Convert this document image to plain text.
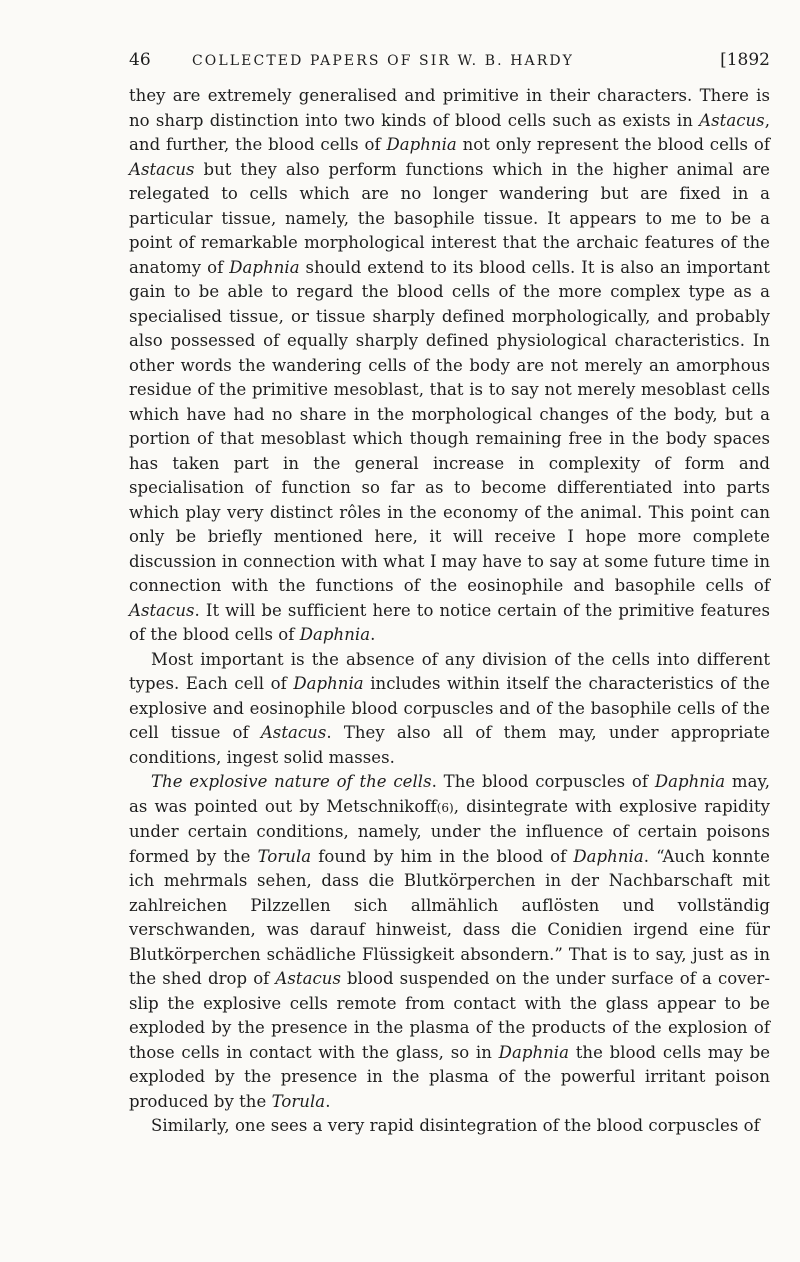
46	COLLECTED PAPERS OF SIR W. B. HARDY	[1892

they are extremely generalised and primitive in their characters. There is no sharp distinction into two kinds of blood cells such as exists in Astacus, and further, the blood cells of Daphnia not only represent the blood cells of Astacus but they also perform functions which in the higher animal are relegated to cells which are no longer wandering but are fixed in a particular tissue, namely, the basophile tissue. It appears to me to be a point of remarkable morphological interest that the archaic features of the anatomy of Daphnia should extend to its blood cells. It is also an important gain to be able to regard the blood cells of the more complex type as a specialised tissue, or tissue sharply defined morphologically, and probably also possessed of equally sharply defined physiological characteristics. In other words the wandering cells of the body are not merely an amorphous residue of the primitive mesoblast, that is to say not merely mesoblast cells which have had no share in the morphological changes of the body, but a portion of that mesoblast which though remaining free in the body spaces has taken part in the general increase in complexity of form and specialisation of function so far as to become differentiated into parts which play very distinct rôles in the economy of the animal. This point can only be briefly mentioned here, it will receive I hope more complete discussion in connection with what I may have to say at some future time in connection with the functions of the eosinophile and basophile cells of Astacus. It will be sufficient here to notice certain of the primitive features of the blood cells of Daphnia.

Most important is the absence of any division of the cells into different types. Each cell of Daphnia includes within itself the characteristics of the explosive and eosinophile blood corpuscles and of the basophile cells of the cell tissue of Astacus. They also all of them may, under appropriate conditions, ingest solid masses.

The explosive nature of the cells. The blood corpuscles of Daphnia may, as was pointed out by Metschnikoff(6), disintegrate with explosive rapidity under certain conditions, namely, under the influence of certain poisons formed by the Torula found by him in the blood of Daphnia. “Auch konnte ich mehrmals sehen, dass die Blutkörperchen in der Nachbarschaft mit zahlreichen Pilzzellen sich allmählich auflösten und vollständig verschwanden, was darauf hinweist, dass die Conidien irgend eine für Blutkörperchen schädliche Flüssigkeit absondern.” That is to say, just as in the shed drop of Astacus blood suspended on the under surface of a cover-slip the explosive cells remote from contact with the glass appear to be exploded by the presence in the plasma of the products of the explosion of those cells in contact with the glass, so in Daphnia the blood cells may be exploded by the presence in the plasma of the powerful irritant poison produced by the Torula.

Similarly, one sees a very rapid disintegration of the blood corpuscles of
